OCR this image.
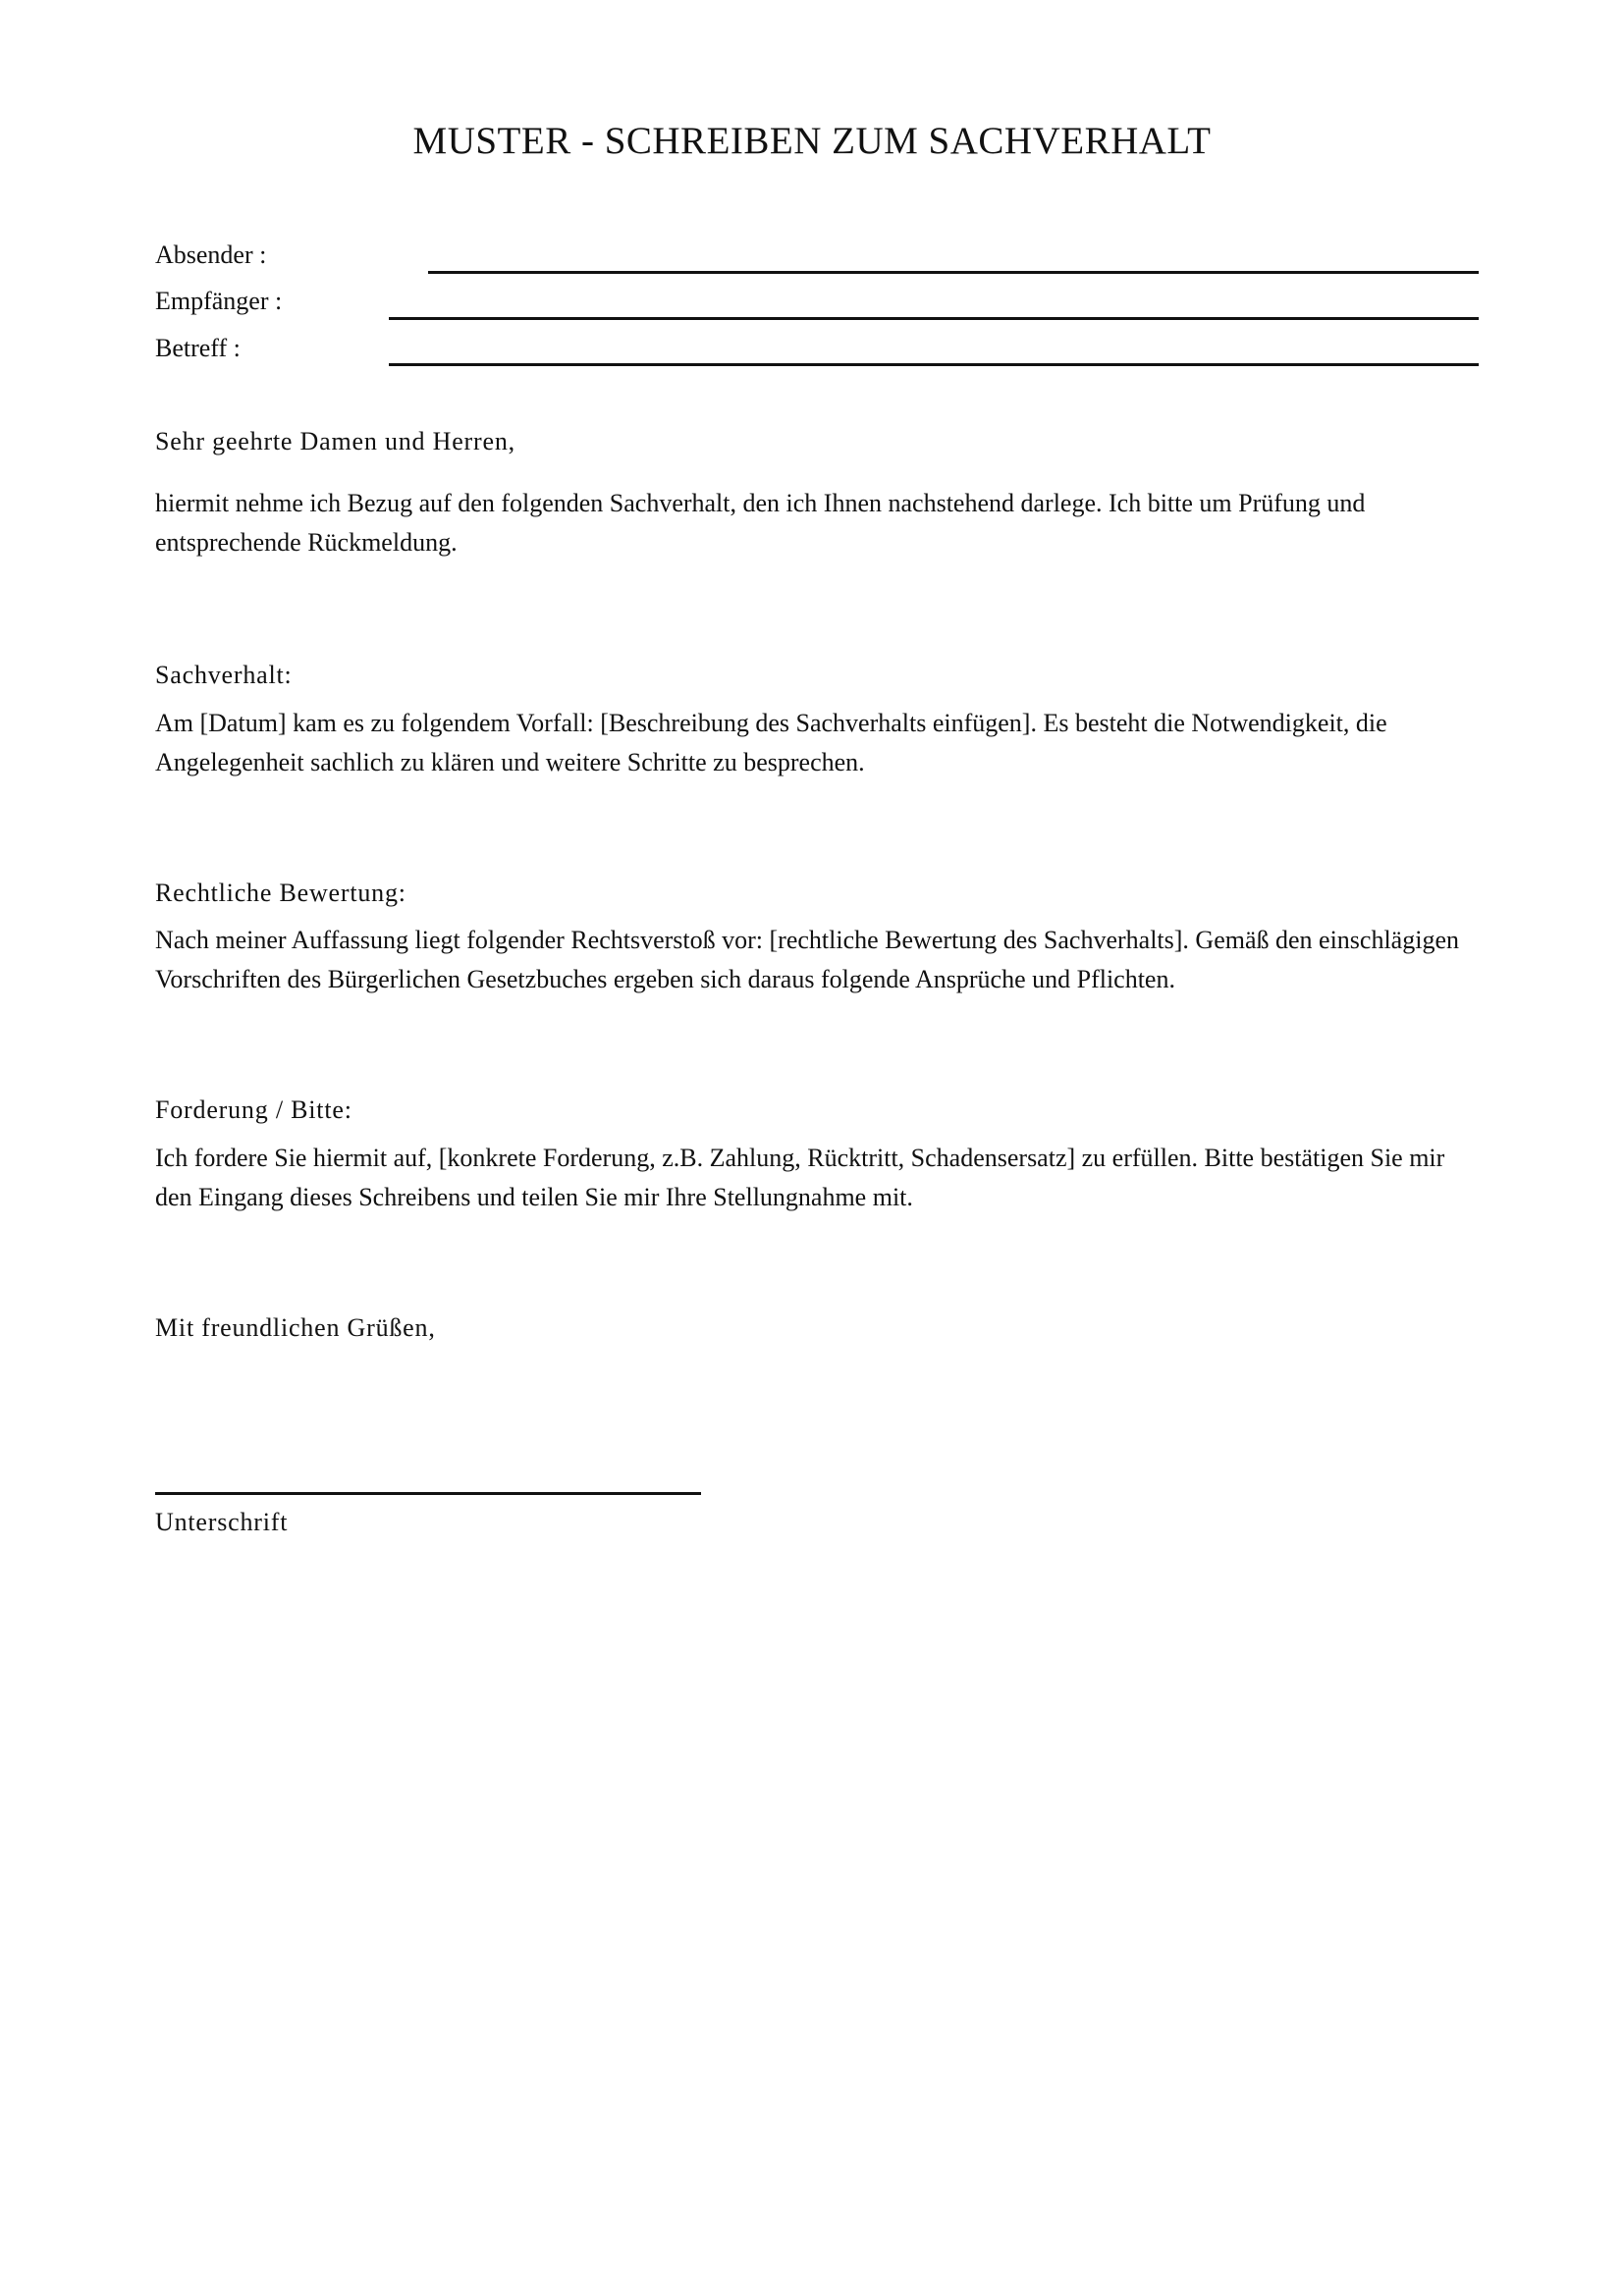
MUSTER - SCHREIBEN ZUM SACHVERHALT
Absender :
Empfänger :
Betreff :
Sehr geehrte Damen und Herren,
hiermit nehme ich Bezug auf den folgenden Sachverhalt, den ich Ihnen nachstehend darlege. Ich bitte um Prüfung und entsprechende Rückmeldung.
Sachverhalt:
Am [Datum] kam es zu folgendem Vorfall: [Beschreibung des Sachverhalts einfügen]. Es besteht die Notwendigkeit, die Angelegenheit sachlich zu klären und weitere Schritte zu besprechen.
Rechtliche Bewertung:
Nach meiner Auffassung liegt folgender Rechtsverstoß vor: [rechtliche Bewertung des Sachverhalts]. Gemäß den einschlägigen Vorschriften des Bürgerlichen Gesetzbuches ergeben sich daraus folgende Ansprüche und Pflichten.
Forderung / Bitte:
Ich fordere Sie hiermit auf, [konkrete Forderung, z.B. Zahlung, Rücktritt, Schadensersatz] zu erfüllen. Bitte bestätigen Sie mir den Eingang dieses Schreibens und teilen Sie mir Ihre Stellungnahme mit.
Mit freundlichen Grüßen,
Unterschrift
